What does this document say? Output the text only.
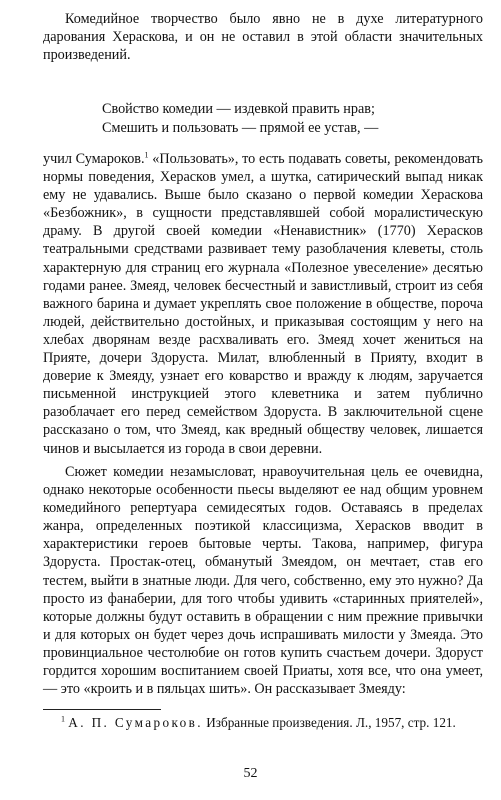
Комедийное творчество было явно не в духе литературного дарования Хераскова, и он не оставил в этой области значительных произведений.

Свойство комедии — издевкой править нрав;
Смешить и пользовать — прямой ее устав, —

учил Сумароков.$^1$ «Пользовать», то есть подавать советы, рекомендовать нормы поведения, Херасков умел, а шутка, сатирический выпад никак ему не удавались. Выше было сказано о первой комедии Хераскова «Безбожник», в сущности представлявшей собой моралистическую драму. В другой своей комедии «Ненавистник» (1770) Херасков театральными средствами развивает тему разоблачения клеветы, столь характерную для страниц его журнала «Полезное увеселение» десятью годами ранее. Змеяд, человек бесчестный и завистливый, строит из себя важного барина и думает укреплять свое положение в обществе, пороча людей, действительно достойных, и приказывая состоящим у него на хлебах дворянам везде расхваливать его. Змеяд хочет жениться на Приятe, дочери Здоруста. Милат, влюбленный в Прияту, входит в доверие к Змеяду, узнает его коварство и вражду к людям, заручается письменной инструкцией этого клеветника и затем публично разоблачает его перед семейством Здоруста. В заключительной сцене рассказано о том, что Змеяд, как вредный обществу человек, лишается чинов и высылается из города в свои деревни.

Сюжет комедии незамысловат, нравоучительная цель ее очевидна, однако некоторые особенности пьесы выделяют ее над общим уровнем комедийного репертуара семидесятых годов. Оставаясь в пределах жанра, определенных поэтикой классицизма, Херасков вводит в характеристики героев бытовые черты. Такова, например, фигура Здоруста. Простак-отец, обманутый Змеядом, он мечтает, став его тестем, выйти в знатные люди. Для чего, собственно, ему это нужно? Да просто из фанаберии, для того чтобы удивить «старинных приятелей», которые должны будут оставить в обращении с ним прежние привычки и для которых он будет через дочь испрашивать милости у Змеяда. Это провинциальное честолюбие он готов купить счастьем дочери. Здоруст гордится хорошим воспитанием своей Приаты, хотя все, что она умеет, — это «кроить и в пяльцах шить». Он рассказывает Змеяду:

$^1$ А. П. Сумароков. Избранные произведения. Л., 1957, стр. 121.

52
